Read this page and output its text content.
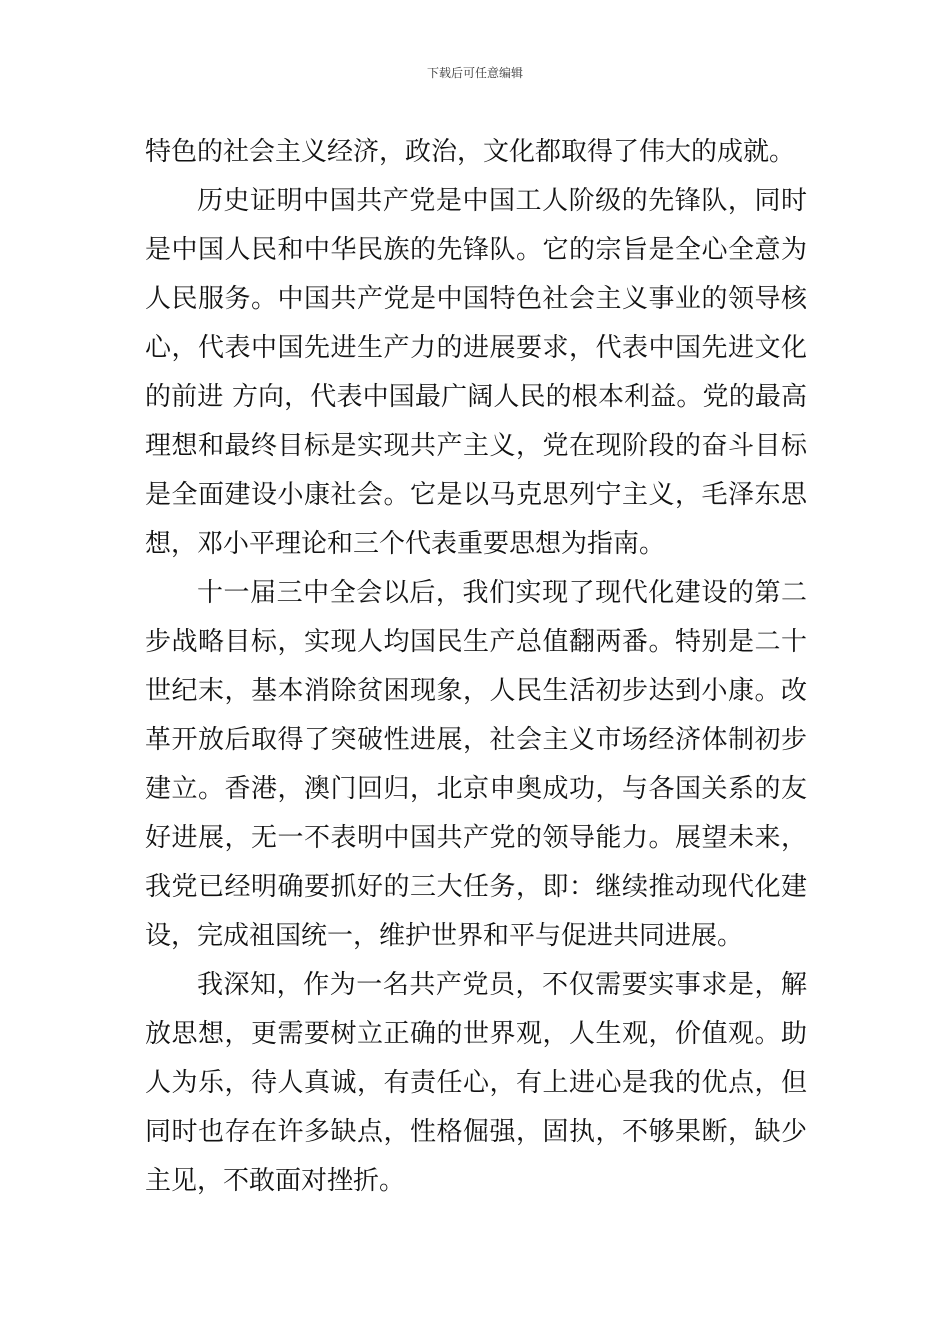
下载后可任意编辑
特色的社会主义经济，政治，文化都取得了伟大的成就。
历史证明中国共产党是中国工人阶级的先锋队，同时
是中国人民和中华民族的先锋队。它的宗旨是全心全意为
人民服务。中国共产党是中国特色社会主义事业的领导核
心，代表中国先进生产力的进展要求，代表中国先进文化
的前进 方向，代表中国最广阔人民的根本利益。党的最高
理想和最终目标是实现共产主义，党在现阶段的奋斗目标
是全面建设小康社会。它是以马克思列宁主义，毛泽东思
想，邓小平理论和三个代表重要思想为指南。
十一届三中全会以后，我们实现了现代化建设的第二
步战略目标，实现人均国民生产总值翻两番。特别是二十
世纪末，基本消除贫困现象，人民生活初步达到小康。改
革开放后取得了突破性进展，社会主义市场经济体制初步
建立。香港，澳门回归，北京申奥成功，与各国关系的友
好进展，无一不表明中国共产党的领导能力。展望未来，
我党已经明确要抓好的三大任务，即：继续推动现代化建
设，完成祖国统一，维护世界和平与促进共同进展。
我深知，作为一名共产党员，不仅需要实事求是，解
放思想，更需要树立正确的世界观，人生观，价值观。助
人为乐，待人真诚，有责任心，有上进心是我的优点，但
同时也存在许多缺点，性格倔强，固执，不够果断，缺少
主见，不敢面对挫折。
